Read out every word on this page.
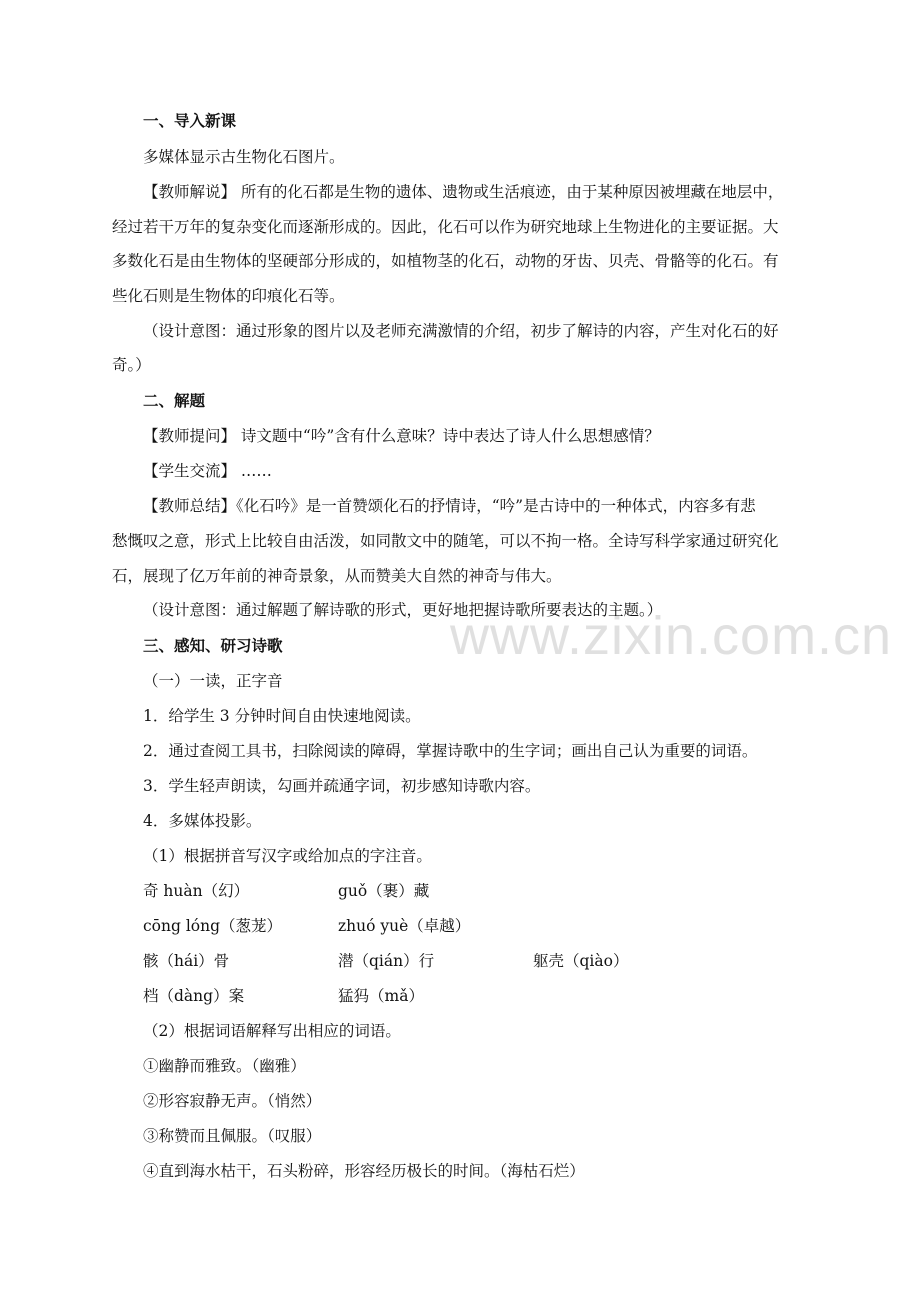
www.zixin.com.cn
一、导入新课
多媒体显示古生物化石图片。
【教师解说】 所有的化石都是生物的遗体、遗物或生活痕迹，由于某种原因被埋藏在地层中，
经过若干万年的复杂变化而逐渐形成的。因此，化石可以作为研究地球上生物进化的主要证据。大
多数化石是由生物体的坚硬部分形成的，如植物茎的化石，动物的牙齿、贝壳、骨骼等的化石。有
些化石则是生物体的印痕化石等。
（设计意图：通过形象的图片以及老师充满激情的介绍，初步了解诗的内容，产生对化石的好
奇。）
二、解题
【教师提问】 诗文题中“吟”含有什么意味？诗中表达了诗人什么思想感情？
【学生交流】 ……
【教师总结】《化石吟》是一首赞颂化石的抒情诗，“吟”是古诗中的一种体式，内容多有悲
愁慨叹之意，形式上比较自由活泼，如同散文中的随笔，可以不拘一格。全诗写科学家通过研究化
石，展现了亿万年前的神奇景象，从而赞美大自然的神奇与伟大。
（设计意图：通过解题了解诗歌的形式，更好地把握诗歌所要表达的主题。）
三、感知、研习诗歌
（一）一读，正字音
1．给学生 3 分钟时间自由快速地阅读。
2．通过查阅工具书，扫除阅读的障碍，掌握诗歌中的生字词；画出自己认为重要的词语。
3．学生轻声朗读，勾画并疏通字词，初步感知诗歌内容。
4．多媒体投影。
（1）根据拼音写汉字或给加点的字注音。
奇 huàn（幻）	guǒ（裹）藏
cōng lóng（葱茏）	zhuó yuè（卓越）
骸（hái）骨	潜（qián）行	躯壳（qiào）
档（dàng）案	猛犸（mǎ）
（2）根据词语解释写出相应的词语。
①幽静而雅致。（幽雅）
②形容寂静无声。（悄然）
③称赞而且佩服。（叹服）
④直到海水枯干，石头粉碎，形容经历极长的时间。（海枯石烂）
